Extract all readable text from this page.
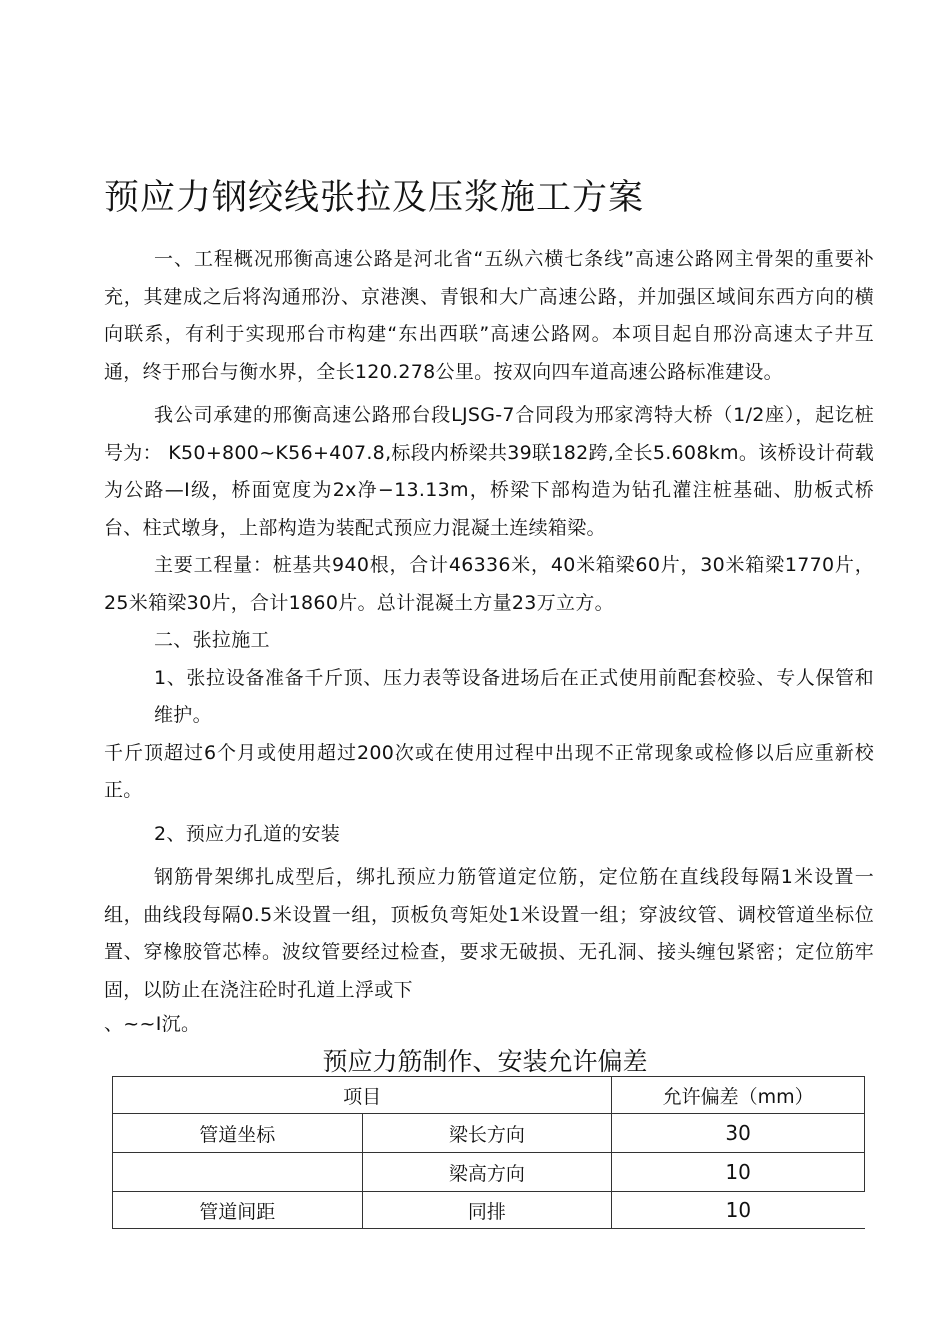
预应力钢绞线张拉及压浆施工方案

一、工程概况邢衡高速公路是河北省“五纵六横七条线”高速公路网主骨架的重要补充，其建成之后将沟通邢汾、京港澳、青银和大广高速公路，并加强区域间东西方向的横向联系，有利于实现邢台市构建“东出西联”高速公路网。本项目起自邢汾高速太子井互通，终于邢台与衡水界，全长120.278公里。按双向四车道高速公路标准建设。

我公司承建的邢衡高速公路邢台段LJSG-7合同段为邢家湾特大桥（1/2座），起讫桩号为： K50+800~K56+407.8,标段内桥梁共39联182跨,全长5.608km。该桥设计荷载为公路—I级，桥面宽度为2x净−13.13m，桥梁下部构造为钻孔灌注桩基础、肋板式桥台、柱式墩身，上部构造为装配式预应力混凝土连续箱梁。

主要工程量：桩基共940根，合计46336米，40米箱梁60片，30米箱梁1770片，25米箱梁30片，合计1860片。总计混凝土方量23万立方。

二、张拉施工

1、张拉设备准备千斤顶、压力表等设备进场后在正式使用前配套校验、专人保管和维护。

千斤顶超过6个月或使用超过200次或在使用过程中出现不正常现象或检修以后应重新校正。

2、预应力孔道的安装

钢筋骨架绑扎成型后，绑扎预应力筋管道定位筋，定位筋在直线段每隔1米设置一组，曲线段每隔0.5米设置一组，顶板负弯矩处1米设置一组；穿波纹管、调校管道坐标位置、穿橡胶管芯棒。波纹管要经过检查，要求无破损、无孔洞、接头缠包紧密；定位筋牢固，以防止在浇注砼时孔道上浮或下

、~~I沉。

预应力筋制作、安装允许偏差
项目		允许偏差（mm）
管道坐标	梁长方向	30
	梁高方向	10
管道间距	同排	10
